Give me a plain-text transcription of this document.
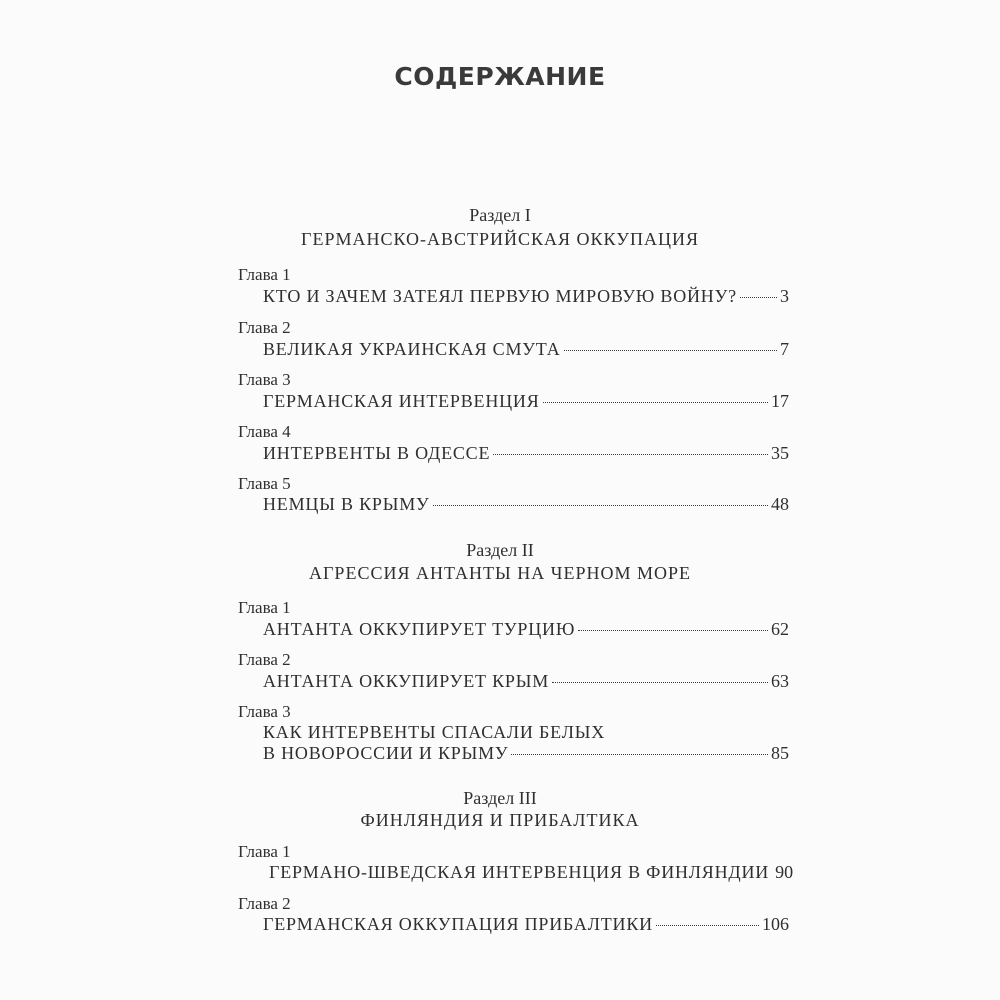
СОДЕРЖАНИЕ
Раздел I
ГЕРМАНСКО-АВСТРИЙСКАЯ ОККУПАЦИЯ
Глава 1
КТО И ЗАЧЕМ ЗАТЕЯЛ ПЕРВУЮ МИРОВУЮ ВОЙНУ? 3
Глава 2
ВЕЛИКАЯ УКРАИНСКАЯ СМУТА	7
Глава 3
ГЕРМАНСКАЯ ИНТЕРВЕНЦИЯ	17
Глава 4
ИНТЕРВЕНТЫ В ОДЕССЕ	35
Глава 5
НЕМЦЫ В КРЫМУ	48
Раздел II
АГРЕССИЯ АНТАНТЫ НА ЧЕРНОМ МОРЕ
Глава 1
АНТАНТА ОККУПИРУЕТ ТУРЦИЮ	62
Глава 2
АНТАНТА ОККУПИРУЕТ КРЫМ	63
Глава 3
КАК ИНТЕРВЕНТЫ СПАСАЛИ БЕЛЫХ
В НОВОРОССИИ И КРЫМУ	85
Раздел III
ФИНЛЯНДИЯ И ПРИБАЛТИКА
Глава 1
ГЕРМАНО-ШВЕДСКАЯ ИНТЕРВЕНЦИЯ В ФИНЛЯНДИИ 90
Глава 2
ГЕРМАНСКАЯ ОККУПАЦИЯ ПРИБАЛТИКИ	106
